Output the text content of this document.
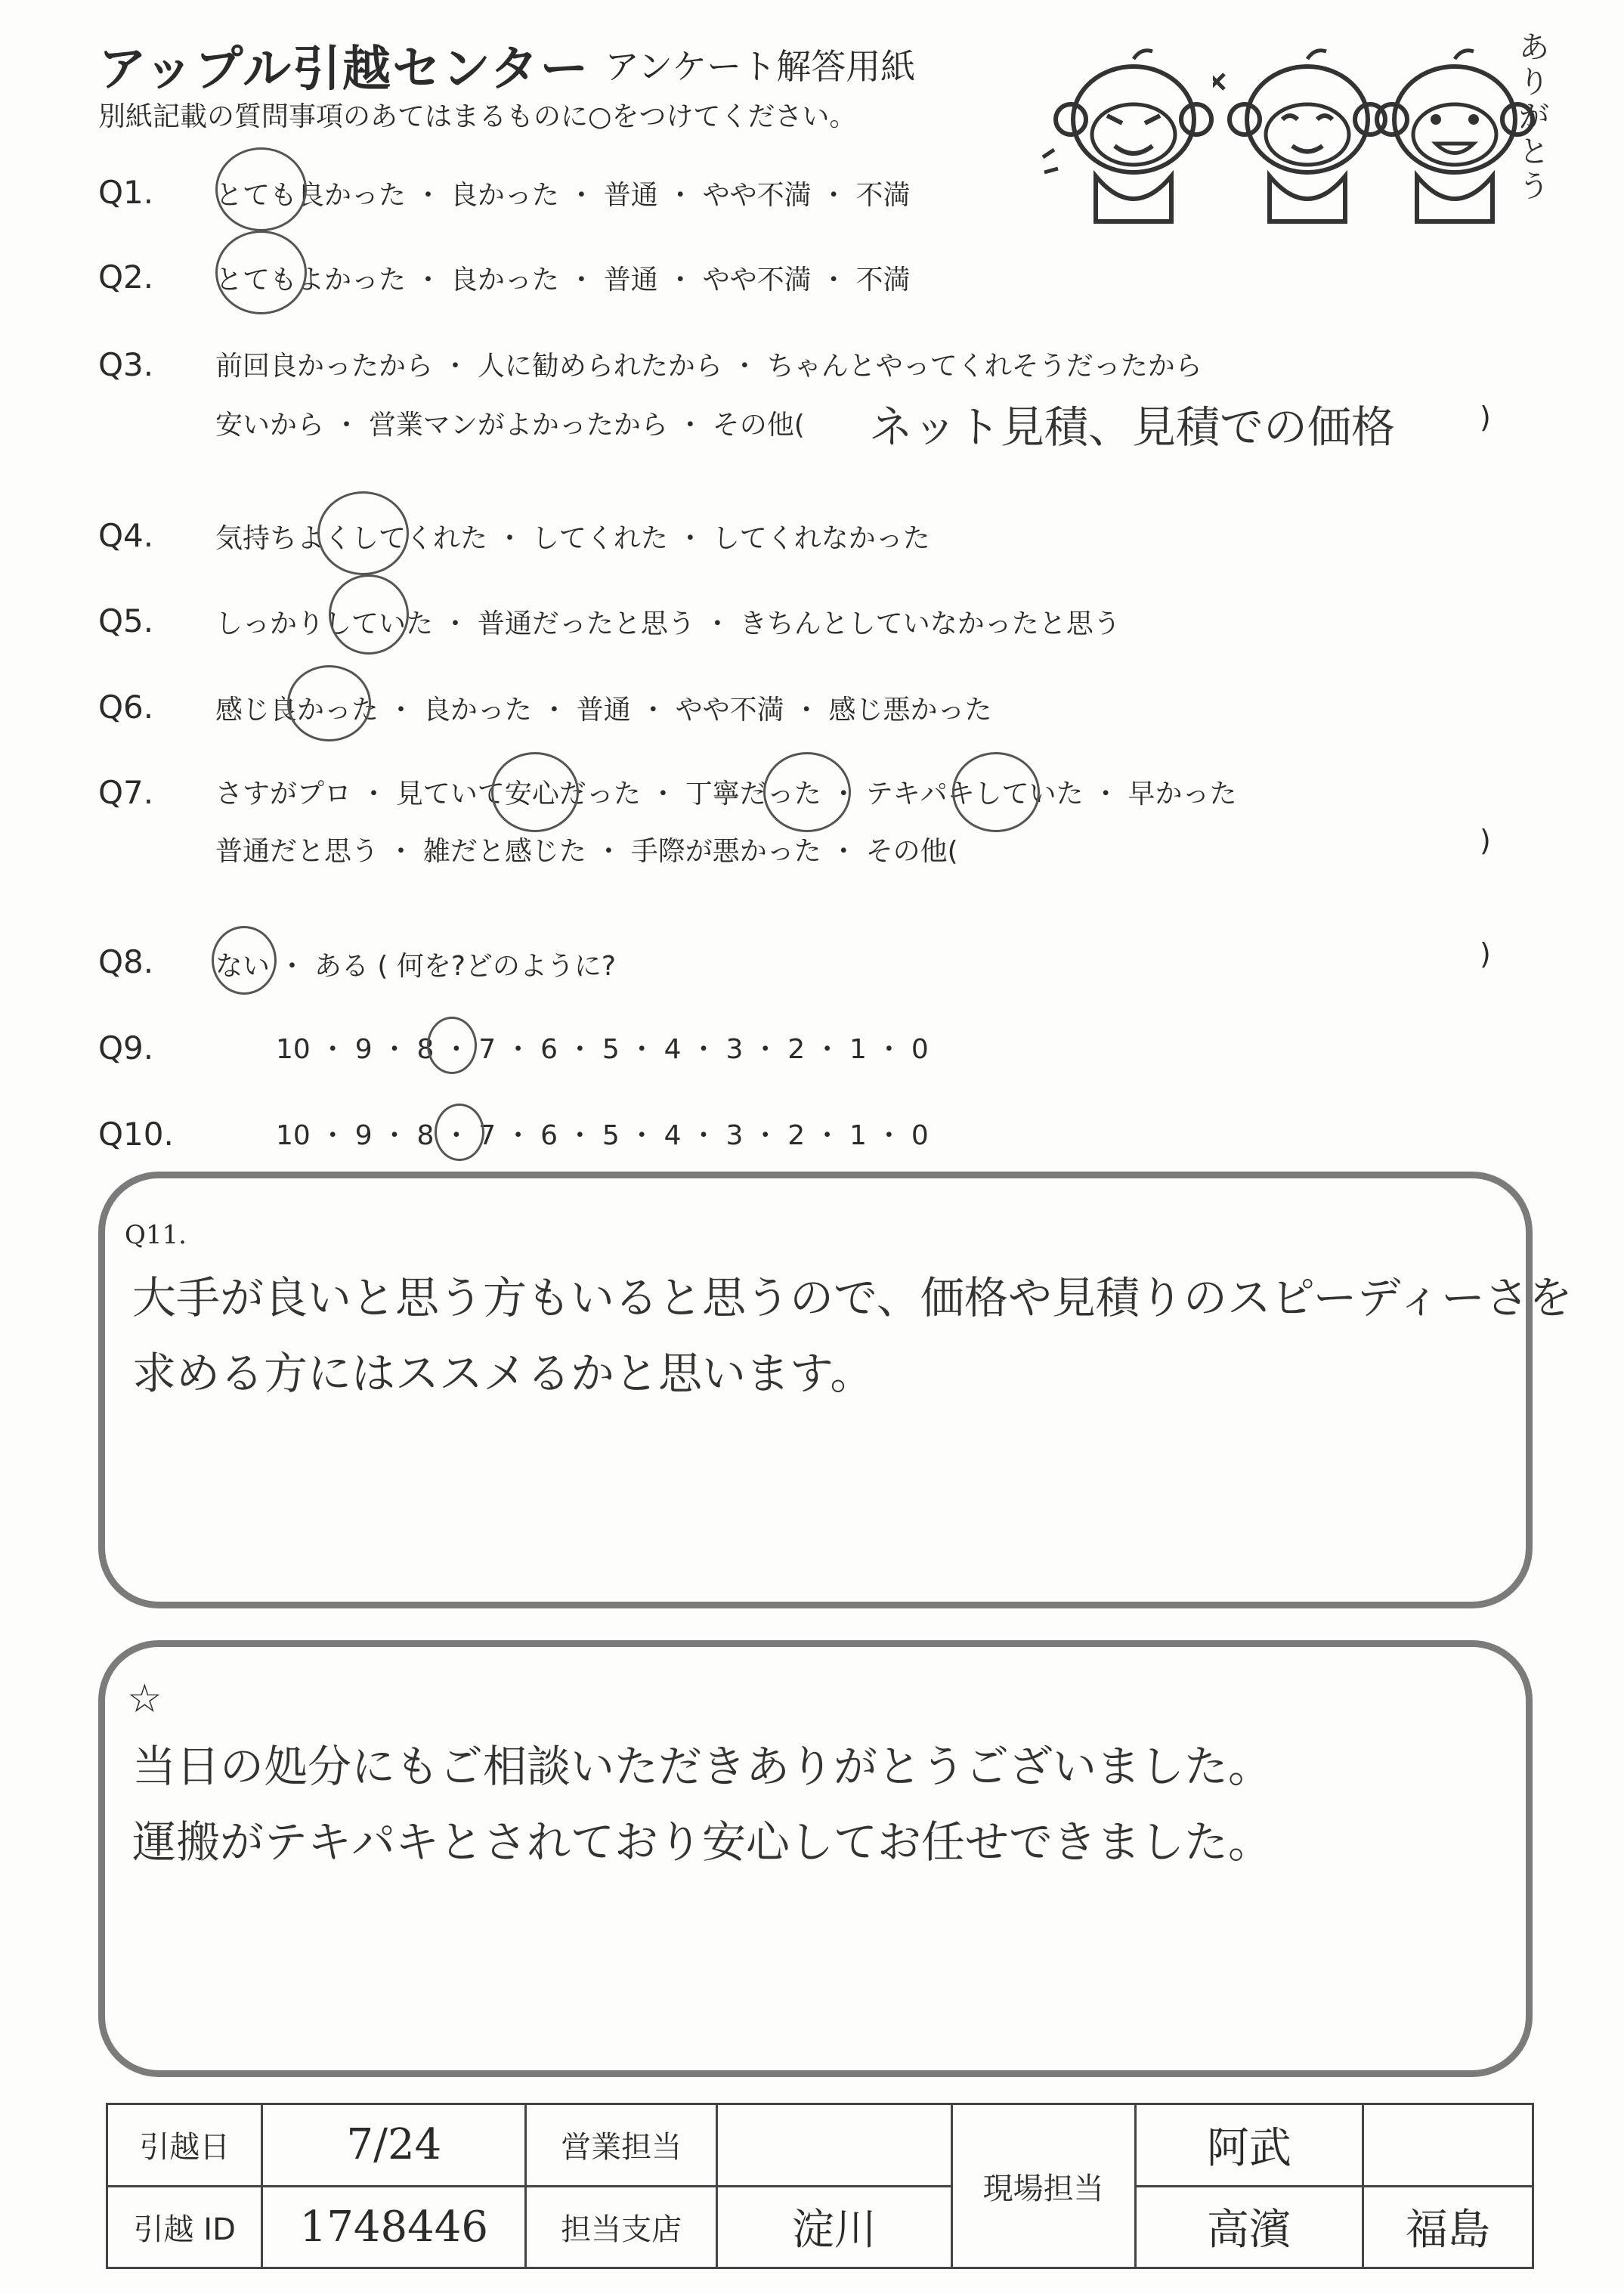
アップル引越センター アンケート解答用紙
別紙記載の質問事項のあてはまるものに○をつけてください。
ありがとう
Q1. とても良かった ・ 良かった ・ 普通 ・ やや不満 ・ 不満
Q2. とてもよかった ・ 良かった ・ 普通 ・ やや不満 ・ 不満
Q3. 前回良かったから ・ 人に勧められたから ・ ちゃんとやってくれそうだったから
安いから ・ 営業マンがよかったから ・ その他( ネット見積、見積での価格	)
Q4. 気持ちよくしてくれた ・ してくれた ・ してくれなかった
Q5. しっかりしていた ・ 普通だったと思う ・ きちんとしていなかったと思う
Q6. 感じ良かった ・ 良かった ・ 普通 ・ やや不満 ・ 感じ悪かった
Q7. さすがプロ ・ 見ていて安心だった ・ 丁寧だった ・ テキパキしていた ・ 早かった
普通だと思う ・ 雑だと感じた ・ 手際が悪かった ・ その他(	)
Q8. ない ・ ある ( 何を?どのように?	)
Q9.	10 ・ 9 ・ 8 ・ 7 ・ 6 ・ 5 ・ 4 ・ 3 ・ 2 ・ 1 ・ 0
Q10.	10 ・ 9 ・ 8 ・ 7 ・ 6 ・ 5 ・ 4 ・ 3 ・ 2 ・ 1 ・ 0
Q11.
大手が良いと思う方もいると思うので、価格や見積りのスピーディーさを
求める方にはススメるかと思います。
☆
当日の処分にもご相談いただきありがとうございました。
運搬がテキパキとされており安心してお任せできました。
引越日	7/24	営業担当		現場担当	阿武	
引越 ID	1748446	担当支店	淀川		高濱	福島
